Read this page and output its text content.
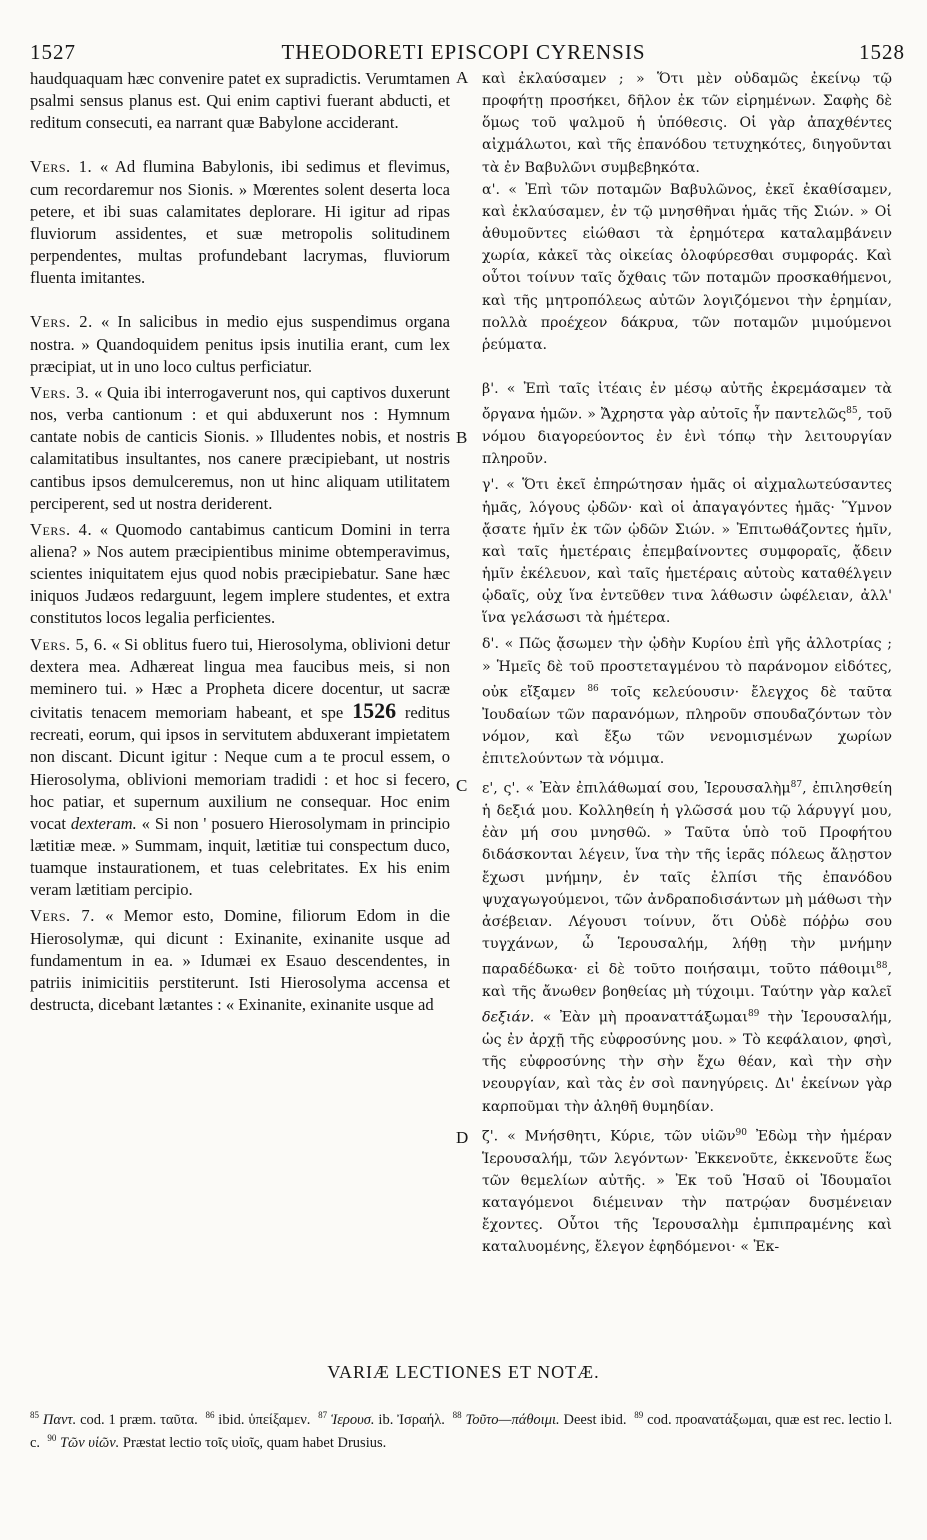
1527	THEODORETI EPISCOPI CYRENSIS	1528

haudquaquam hæc convenire patet ex supradictis. Verumtamen psalmi sensus planus est. Qui enim captivi fuerant abducti, et reditum consecuti, ea narrant quæ Babylone acciderant.

Vers. 1. « Ad flumina Babylonis, ibi sedimus et flevimus, cum recordaremur nos Sionis. » Mœrentes solent deserta loca petere, et ibi suas calamitates deplorare. Hi igitur ad ripas fluviorum assidentes, et suæ metropolis solitudinem perpendentes, multas profundebant lacrymas, fluviorum fluenta imitantes.

Vers. 2. « In salicibus in medio ejus suspendimus organa nostra. » Quandoquidem penitus ipsis inutilia erant, cum lex præcipiat, ut in uno loco cultus perficiatur.

Vers. 3. « Quia ibi interrogaverunt nos, qui captivos duxerunt nos, verba cantionum : et qui abduxerunt nos : Hymnum cantate nobis de canticis Sionis. » Illudentes nobis, et nostris calamitatibus insultantes, nos canere præcipiebant, ut nostris cantibus ipsos demulceremus, non ut hinc aliquam utilitatem perciperent, sed ut nostra deriderent.

Vers. 4. « Quomodo cantabimus canticum Domini in terra aliena? » Nos autem præcipientibus minime obtemperavimus, scientes iniquitatem ejus quod nobis præcipiebatur. Sane hæc iniquos Judæos redarguunt, legem implere studentes, et extra constitutos locos legalia perficientes.

Vers. 5, 6. « Si oblitus fuero tui, Hierosolyma, oblivioni detur dextera mea. Adhæreat lingua mea faucibus meis, si non meminero tui. » Hæc a Propheta dicere docentur, ut sacræ civitatis tenacem memoriam habeant, et spe 1526 reditus recreati, eorum, qui ipsos in servitutem abduxerant impietatem non discant. Dicunt igitur : Neque cum a te procul essem, o Hierosolyma, oblivioni memoriam tradidi : et hoc si fecero, hoc patiar, et supernum auxilium ne consequar. Hoc enim vocat dexteram. « Si non ' posuero Hierosolymam in principio lætitiæ meæ. » Summam, inquit, lætitiæ tui conspectum duco, tuamque instaurationem, et tuas celebritates. Ex his enim veram lætitiam percipio.

Vers. 7. « Memor esto, Domine, filiorum Edom in die Hierosolymæ, qui dicunt : Exinanite, exinanite usque ad fundamentum in ea. » Idumæi ex Esauo descendentes, in patriis inimicitiis perstiterunt. Isti Hierosolyma accensa et destructa, dicebant lætantes : « Exinanite, exinanite usque ad

A
B
C
D

καὶ ἐκλαύσαμεν ; » Ὅτι μὲν οὐδαμῶς ἐκείνῳ τῷ προφήτῃ προσήκει, δῆλον ἐκ τῶν εἰρημένων. Σαφὴς δὲ ὅμως τοῦ ψαλμοῦ ἡ ὑπόθεσις. Οἱ γὰρ ἀπαχθέντες αἰχμάλωτοι, καὶ τῆς ἐπανόδου τετυχηκότες, διηγοῦνται τὰ ἐν Βαβυλῶνι συμβεβηκότα.

α'. « Ἐπὶ τῶν ποταμῶν Βαβυλῶνος, ἐκεῖ ἐκαθίσαμεν, καὶ ἐκλαύσαμεν, ἐν τῷ μνησθῆναι ἡμᾶς τῆς Σιών. » Οἱ ἀθυμοῦντες εἰώθασι τὰ ἐρημότερα καταλαμβάνειν χωρία, κἀκεῖ τὰς οἰκείας ὀλοφύρεσθαι συμφοράς. Καὶ οὗτοι τοίνυν ταῖς ὄχθαις τῶν ποταμῶν προσκαθήμενοι, καὶ τῆς μητροπόλεως αὐτῶν λογιζόμενοι τὴν ἐρημίαν, πολλὰ προέχεον δάκρυα, τῶν ποταμῶν μιμούμενοι ῥεύματα.

β'. « Ἐπὶ ταῖς ἰτέαις ἐν μέσῳ αὐτῆς ἐκρεμάσαμεν τὰ ὄργανα ἡμῶν. » Ἄχρηστα γὰρ αὐτοῖς ἦν παντελῶς$^{85}$, τοῦ νόμου διαγορεύοντος ἐν ἑνὶ τόπῳ τὴν λειτουργίαν πληροῦν.

γ'. « Ὅτι ἐκεῖ ἐπηρώτησαν ἡμᾶς οἱ αἰχμαλωτεύσαντες ἡμᾶς, λόγους ᾠδῶν· καὶ οἱ ἀπαγαγόντες ἡμᾶς· Ὕμνον ᾄσατε ἡμῖν ἐκ τῶν ᾠδῶν Σιών. » Ἐπιτωθάζοντες ἡμῖν, καὶ ταῖς ἡμετέραις ἐπεμβαίνοντες συμφοραῖς, ᾄδειν ἡμῖν ἐκέλευον, καὶ ταῖς ἡμετέραις αὐτοὺς καταθέλγειν ᾠδαῖς, οὐχ ἵνα ἐντεῦθεν τινα λάθωσιν ὠφέλειαν, ἀλλ' ἵνα γελάσωσι τὰ ἡμέτερα.

δ'. « Πῶς ᾄσωμεν τὴν ᾠδὴν Κυρίου ἐπὶ γῆς ἀλλοτρίας ; » Ἡμεῖς δὲ τοῦ προστεταγμένου τὸ παράνομον εἰδότες, οὐκ εἴξαμεν $^{86}$ τοῖς κελεύουσιν· ἔλεγχος δὲ ταῦτα Ἰουδαίων τῶν παρανόμων, πληροῦν σπουδαζόντων τὸν νόμον, καὶ ἔξω τῶν νενομισμένων χωρίων ἐπιτελούντων τὰ νόμιμα.

ε', ς'. « Ἐὰν ἐπιλάθωμαί σου, Ἱερουσαλὴμ$^{87}$, ἐπιλησθείη ἡ δεξιά μου. Κολληθείη ἡ γλῶσσά μου τῷ λάρυγγί μου, ἐὰν μή σου μνησθῶ. » Ταῦτα ὑπὸ τοῦ Προφήτου διδάσκονται λέγειν, ἵνα τὴν τῆς ἱερᾶς πόλεως ἄλῃστον ἔχωσι μνήμην, ἐν ταῖς ἐλπίσι τῆς ἐπανόδου ψυχαγωγούμενοι, τῶν ἀνδραποδισάντων μὴ μάθωσι τὴν ἀσέβειαν. Λέγουσι τοίνυν, ὅτι Οὐδὲ πόῤῥω σου τυγχάνων, ὦ Ἱερουσαλήμ, λήθῃ τὴν μνήμην παραδέδωκα· εἰ δὲ τοῦτο ποιήσαιμι, τοῦτο πάθοιμι$^{88}$, καὶ τῆς ἄνωθεν βοηθείας μὴ τύχοιμι. Ταύτην γὰρ καλεῖ δεξιάν. « Ἐὰν μὴ προαναττάξωμαι$^{89}$ τὴν Ἱερουσαλήμ, ὡς ἐν ἀρχῇ τῆς εὐφροσύνης μου. » Τὸ κεφάλαιον, φησὶ, τῆς εὐφροσύνης τὴν σὴν ἔχω θέαν, καὶ τὴν σὴν νεουργίαν, καὶ τὰς ἐν σοὶ πανηγύρεις. Δι' ἐκείνων γὰρ καρποῦμαι τὴν ἀληθῆ θυμηδίαν.

ζ'. « Μνήσθητι, Κύριε, τῶν υἱῶν$^{90}$ Ἐδὼμ τὴν ἡμέραν Ἱερουσαλήμ, τῶν λεγόντων· Ἐκκενοῦτε, ἐκκενοῦτε ἕως τῶν θεμελίων αὐτῆς. » Ἐκ τοῦ Ἡσαῦ οἱ Ἰδουμαῖοι καταγόμενοι διέμειναν τὴν πατρῴαν δυσμένειαν ἔχοντες. Οὗτοι τῆς Ἱερουσαλὴμ ἐμπιπραμένης καὶ καταλυομένης, ἔλεγον ἐφηδόμενοι· « Ἐκ-

VARIÆ LECTIONES ET NOTÆ.
$^{85}$ Παντ. cod. 1 præm. ταῦτα. $^{86}$ ibid. ὑπείξαμεν. $^{87}$ Ἱερουσ. ib. Ἰσραήλ. $^{88}$ Τοῦτο—πάθοιμι. Deest ibid. $^{89}$ cod. προανατάξωμαι, quæ est rec. lectio l. c. $^{90}$ Τῶν υἱῶν. Præstat lectio τοῖς υἱοῖς, quam habet Drusius.
